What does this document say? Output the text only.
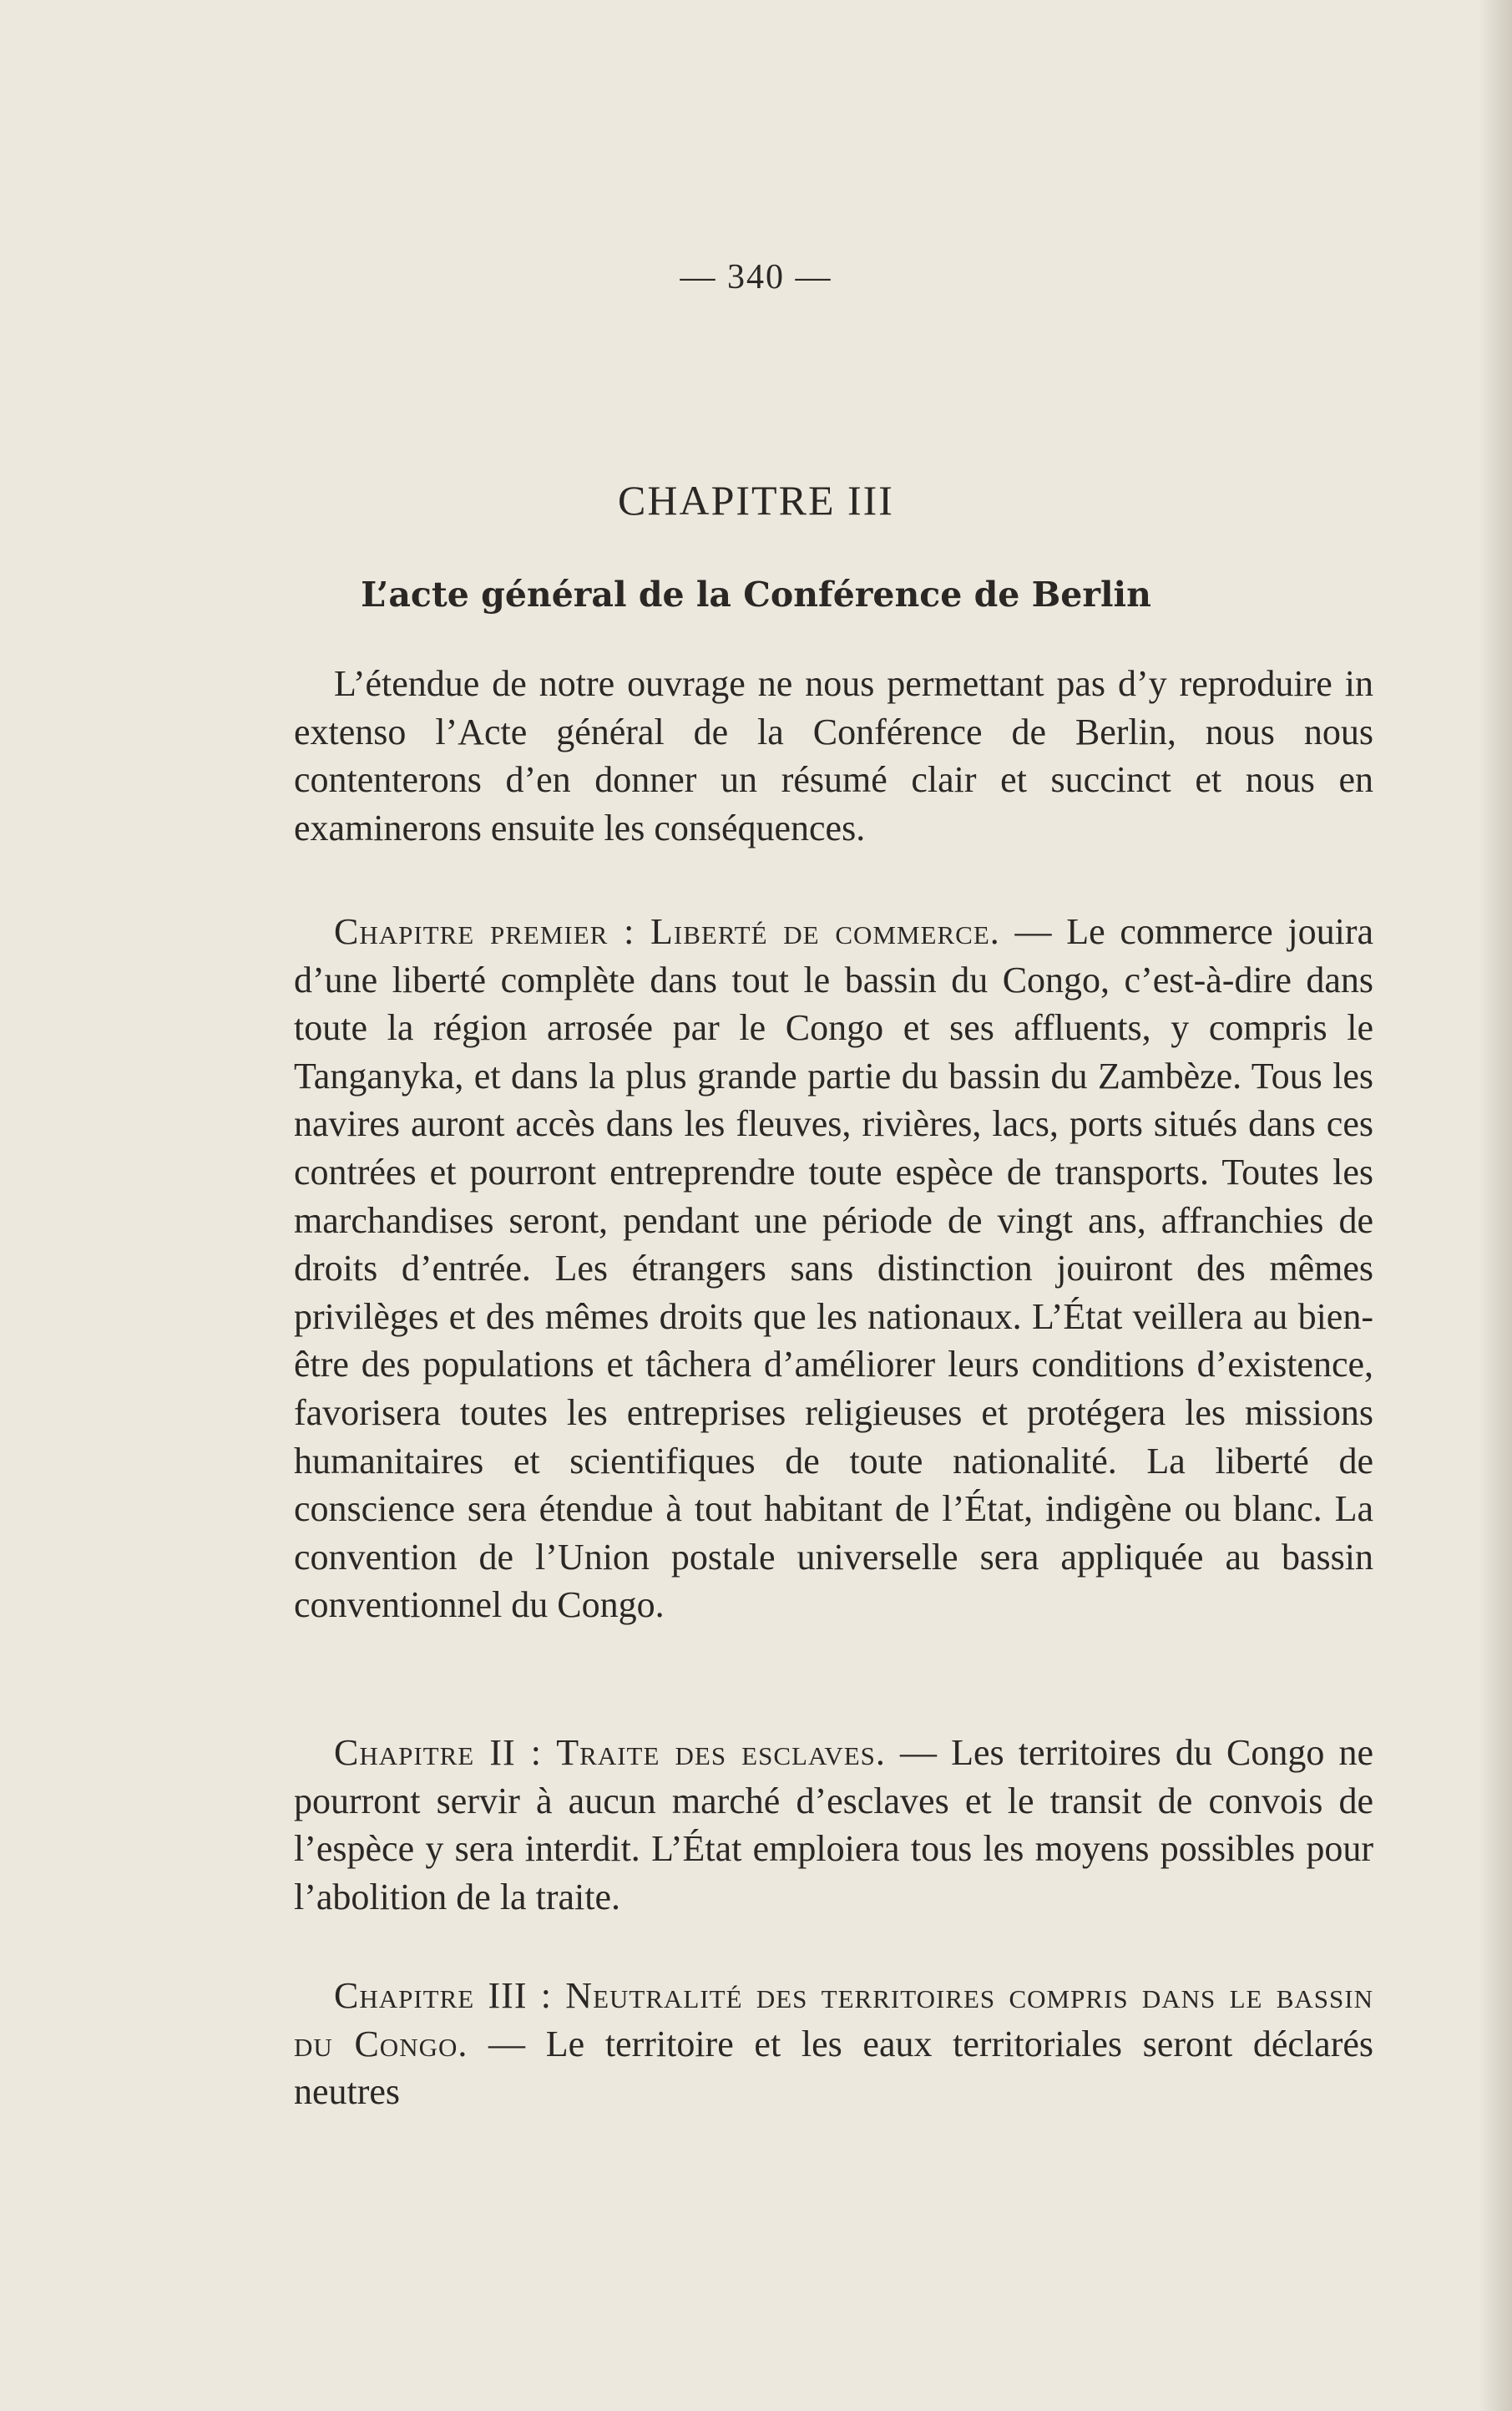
— 340 —
CHAPITRE III
L’acte général de la Conférence de Berlin

L’étendue de notre ouvrage ne nous permettant pas d’y reproduire in extenso l’Acte général de la Conférence de Berlin, nous nous contenterons d’en donner un résumé clair et succinct et nous en examinerons ensuite les conséquences.

Chapitre premier : Liberté de commerce. — Le commerce jouira d’une liberté complète dans tout le bassin du Congo, c’est-à-dire dans toute la région arrosée par le Congo et ses affluents, y compris le Tanganyka, et dans la plus grande partie du bassin du Zambèze. Tous les navires auront accès dans les fleuves, rivières, lacs, ports situés dans ces contrées et pourront entreprendre toute espèce de transports. Toutes les marchandises seront, pendant une période de vingt ans, affranchies de droits d’entrée. Les étrangers sans distinction jouiront des mêmes privilèges et des mêmes droits que les nationaux. L’État veillera au bien-être des populations et tâchera d’améliorer leurs conditions d’existence, favorisera toutes les entreprises religieuses et protégera les missions humanitaires et scientifiques de toute nationalité. La liberté de conscience sera étendue à tout habitant de l’État, indigène ou blanc. La convention de l’Union postale universelle sera appliquée au bassin conventionnel du Congo.

Chapitre II : Traite des esclaves. — Les territoires du Congo ne pourront servir à aucun marché d’esclaves et le transit de convois de l’espèce y sera interdit. L’État emploiera tous les moyens possibles pour l’abolition de la traite.

Chapitre III : Neutralité des territoires compris dans le bassin du Congo. — Le territoire et les eaux territoriales seront déclarés neutres
